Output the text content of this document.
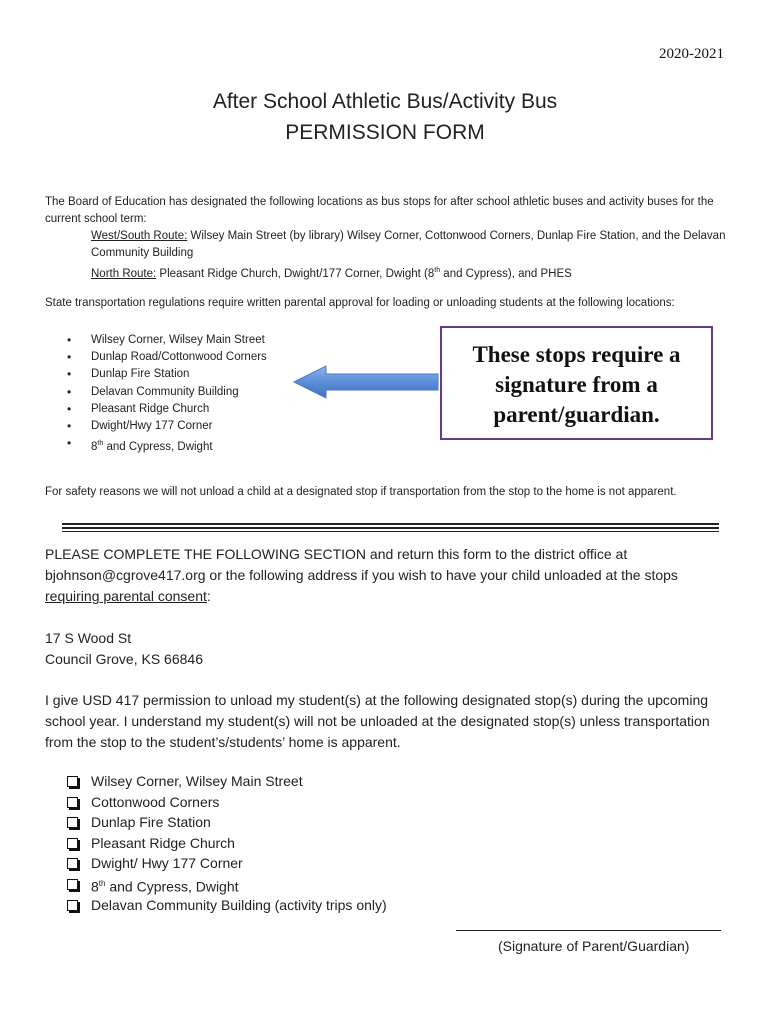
2020-2021
After School Athletic Bus/Activity Bus
PERMISSION FORM
The Board of Education has designated the following locations as bus stops for after school athletic buses and activity buses for the current school term:
West/South Route: Wilsey Main Street (by library) Wilsey Corner, Cottonwood Corners, Dunlap Fire Station, and the Delavan Community Building
North Route: Pleasant Ridge Church, Dwight/177 Corner, Dwight (8th and Cypress), and PHES
State transportation regulations require written parental approval for loading or unloading students at the following locations:
• Wilsey Corner, Wilsey Main Street
• Dunlap Road/Cottonwood Corners
• Dunlap Fire Station
• Delavan Community Building
• Pleasant Ridge Church
• Dwight/Hwy 177 Corner
• 8th and Cypress, Dwight
These stops require a
signature from a
parent/guardian.
For safety reasons we will not unload a child at a designated stop if transportation from the stop to the home is not apparent.
PLEASE COMPLETE THE FOLLOWING SECTION and return this form to the district office at bjohnson@cgrove417.org or the following address if you wish to have your child unloaded at the stops requiring parental consent:
17 S Wood St
Council Grove, KS 66846
I give USD 417 permission to unload my student(s) at the following designated stop(s) during the upcoming school year. I understand my student(s) will not be unloaded at the designated stop(s) unless transportation from the stop to the student’s/students’ home is apparent.
Wilsey Corner, Wilsey Main Street
Cottonwood Corners
Dunlap Fire Station
Pleasant Ridge Church
Dwight/ Hwy 177 Corner
8th and Cypress, Dwight
Delavan Community Building (activity trips only)
(Signature of Parent/Guardian)
